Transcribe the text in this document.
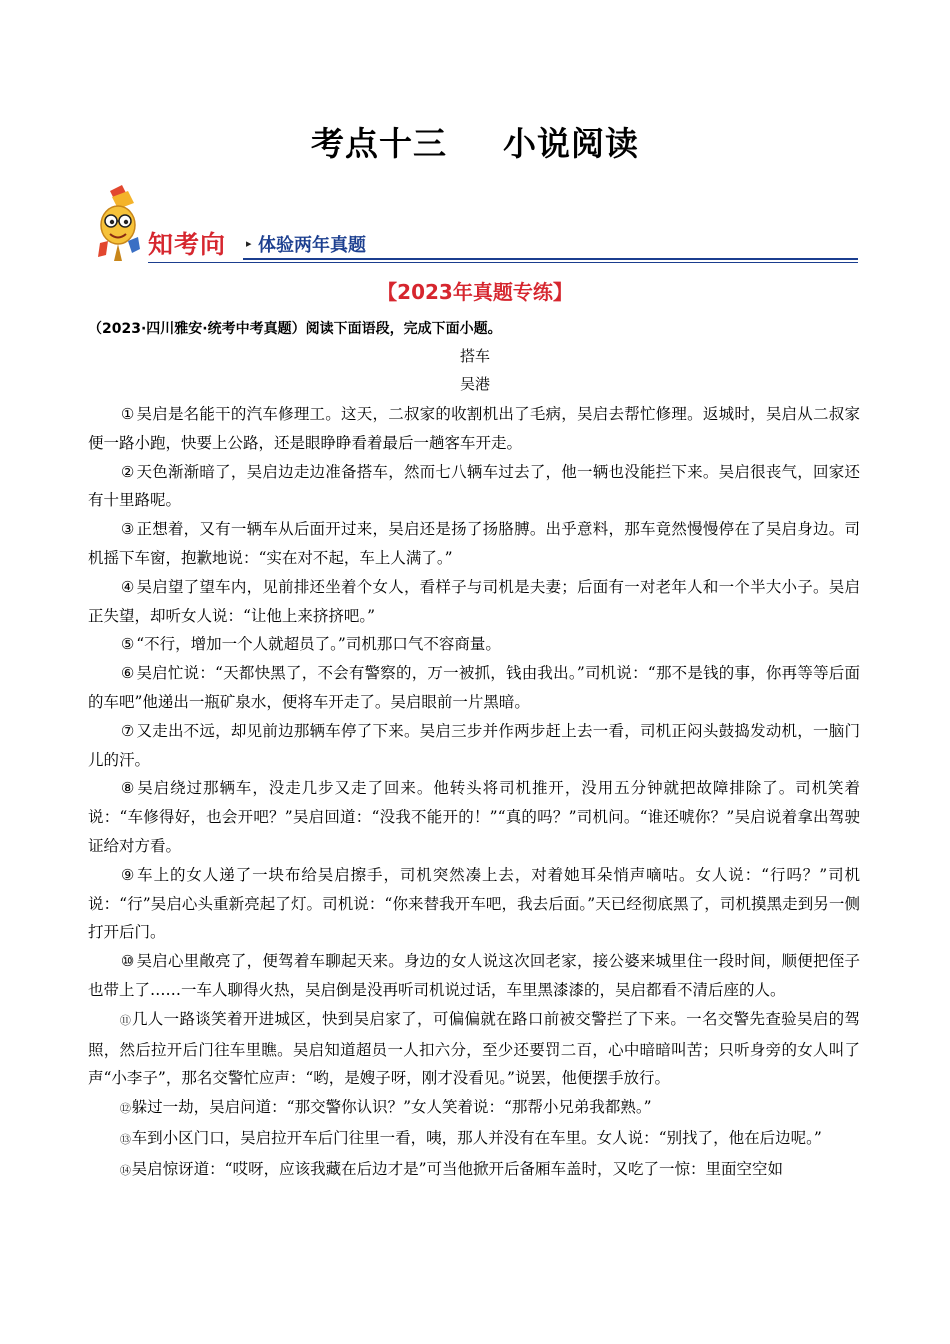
考点十三 小说阅读
知考向 ▸ 体验两年真题
【2023年真题专练】
（2023·四川雅安·统考中考真题）阅读下面语段，完成下面小题。
搭车
吴港

① 吴启是名能干的汽车修理工。这天，二叔家的收割机出了毛病，吴启去帮忙修理。返城时，吴启从二叔家便一路小跑，快要上公路，还是眼睁睁看着最后一趟客车开走。

② 天色渐渐暗了，吴启边走边准备搭车，然而七八辆车过去了，他一辆也没能拦下来。吴启很丧气，回家还有十里路呢。

③ 正想着，又有一辆车从后面开过来，吴启还是扬了扬胳膊。出乎意料，那车竟然慢慢停在了吴启身边。司机摇下车窗，抱歉地说：“实在对不起，车上人满了。”

④ 吴启望了望车内，见前排还坐着个女人，看样子与司机是夫妻；后面有一对老年人和一个半大小子。吴启正失望，却听女人说：“让他上来挤挤吧。”

⑤ “不行，增加一个人就超员了。”司机那口气不容商量。

⑥ 吴启忙说：“天都快黑了，不会有警察的，万一被抓，钱由我出。”司机说：“那不是钱的事，你再等等后面的车吧”他递出一瓶矿泉水，便将车开走了。吴启眼前一片黑暗。

⑦ 又走出不远，却见前边那辆车停了下来。吴启三步并作两步赶上去一看，司机正闷头鼓捣发动机，一脑门儿的汗。

⑧ 吴启绕过那辆车，没走几步又走了回来。他转头将司机推开，没用五分钟就把故障排除了。司机笑着说：“车修得好，也会开吧？”吴启回道：“没我不能开的！”“真的吗？”司机问。“谁还唬你？”吴启说着拿出驾驶证给对方看。

⑨ 车上的女人递了一块布给吴启擦手，司机突然凑上去，对着她耳朵悄声嘀咕。女人说：“行吗？”司机说：“行”吴启心头重新亮起了灯。司机说：“你来替我开车吧，我去后面。”天已经彻底黑了，司机摸黑走到另一侧打开后门。

⑩ 吴启心里敞亮了，便驾着车聊起天来。身边的女人说这次回老家，接公婆来城里住一段时间，顺便把侄子也带上了……一车人聊得火热，吴启倒是没再听司机说过话，车里黑漆漆的，吴启都看不清后座的人。

⑪几人一路谈笑着开进城区，快到吴启家了，可偏偏就在路口前被交警拦了下来。一名交警先查验吴启的驾照，然后拉开后门往车里瞧。吴启知道超员一人扣六分，至少还要罚二百，心中暗暗叫苦；只听身旁的女人叫了声“小李子”，那名交警忙应声：“哟，是嫂子呀，刚才没看见。”说罢，他便摆手放行。

⑫躲过一劫，吴启问道：“那交警你认识？”女人笑着说：“那帮小兄弟我都熟。”

⑬车到小区门口，吴启拉开车后门往里一看，咦，那人并没有在车里。女人说：“别找了，他在后边呢。”

⑭吴启惊讶道：“哎呀，应该我藏在后边才是”可当他掀开后备厢车盖时，又吃了一惊：里面空空如
